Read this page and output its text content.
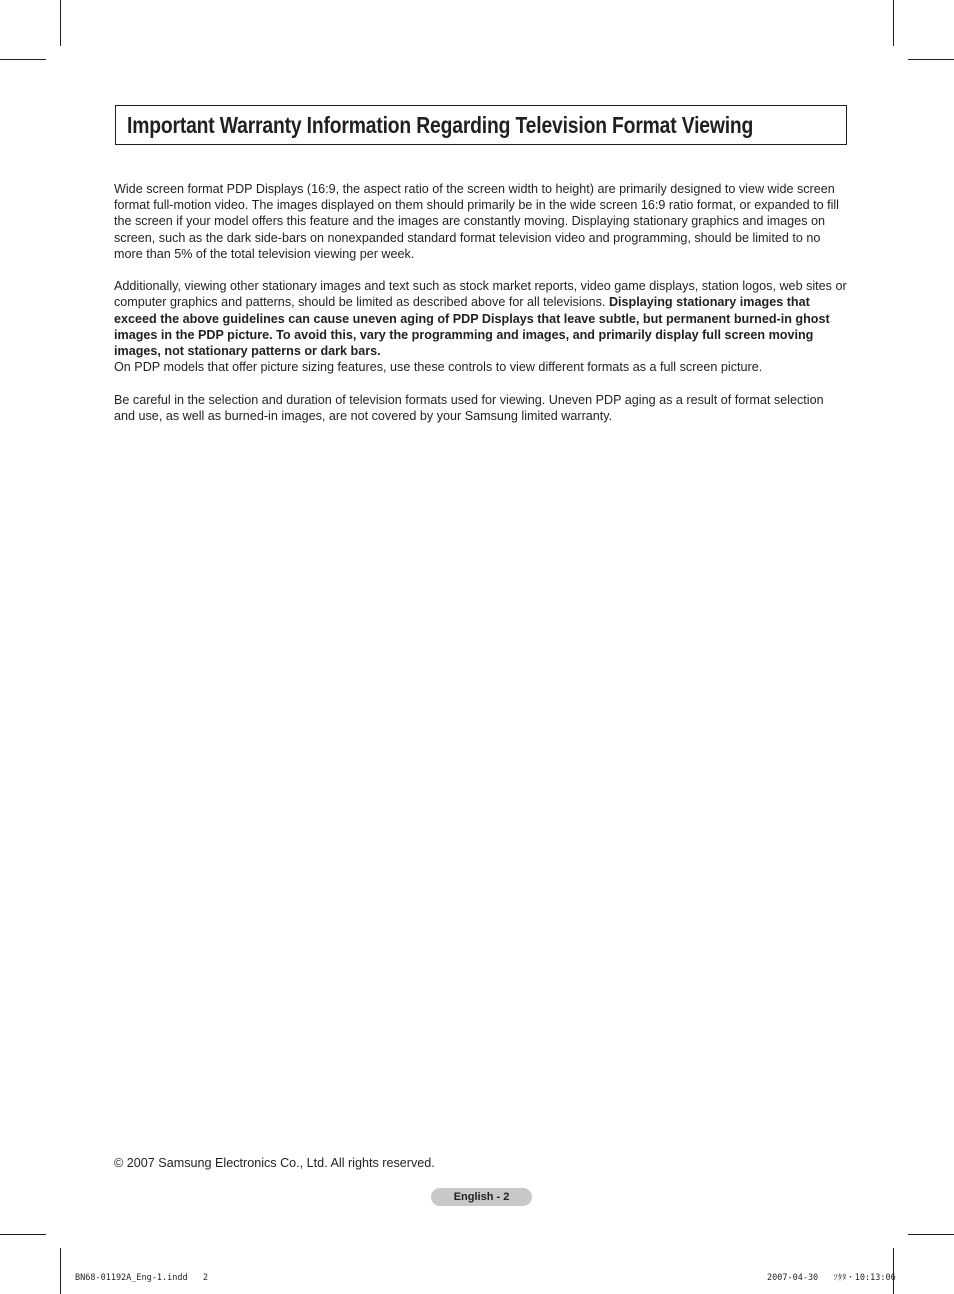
Important Warranty Information Regarding Television Format Viewing

Wide screen format PDP Displays (16:9, the aspect ratio of the screen width to height) are primarily designed to view wide screen format full-motion video. The images displayed on them should primarily be in the wide screen 16:9 ratio format, or expanded to fill the screen if your model offers this feature and the images are constantly moving. Displaying stationary graphics and images on screen, such as the dark side-bars on nonexpanded standard format television video and programming, should be limited to no more than 5% of the total television viewing per week.

Additionally, viewing other stationary images and text such as stock market reports, video game displays, station logos, web sites or computer graphics and patterns, should be limited as described above for all televisions. Displaying stationary images that exceed the above guidelines can cause uneven aging of PDP Displays that leave subtle, but permanent burned-in ghost images in the PDP picture. To avoid this, vary the programming and images, and primarily display full screen moving images, not stationary patterns or dark bars.

On PDP models that offer picture sizing features, use these controls to view different formats as a full screen picture.

Be careful in the selection and duration of television formats used for viewing. Uneven PDP aging as a result of format selection and use, as well as burned-in images, are not covered by your Samsung limited warranty.

© 2007 Samsung Electronics Co., Ltd. All rights reserved.
English - 2
BN68-01192A_Eng-1.indd   2	2007-04-30   ｿﾀﾀ・10:13:06
